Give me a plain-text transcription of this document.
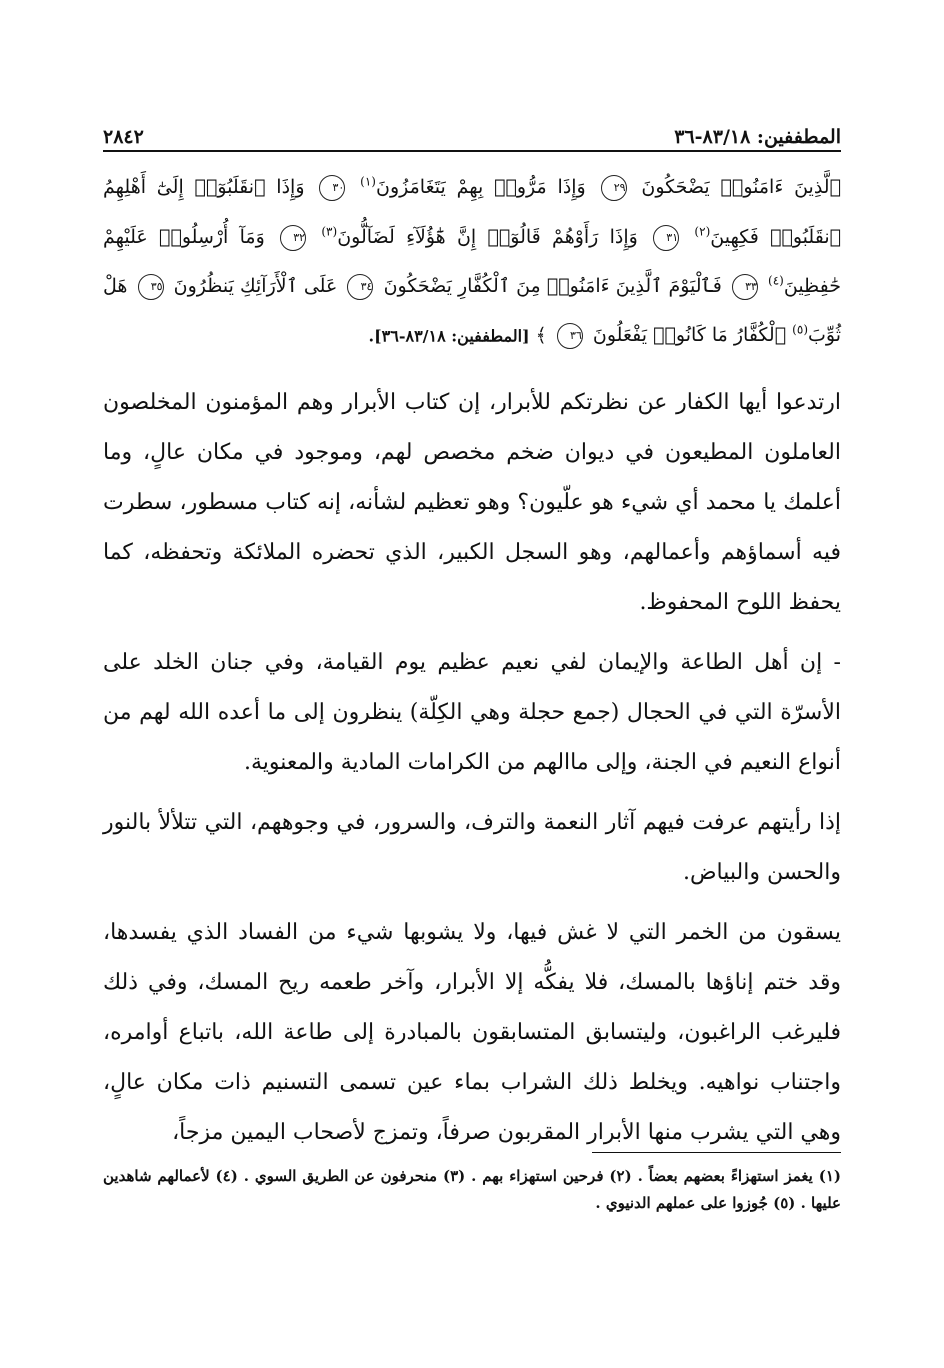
المطففين: ٨٣/١٨-٣٦
٢٨٤٢
ٱلَّذِينَ ءَامَنُوا۟ يَضْحَكُونَ ٢٩ وَإِذَا مَرُّوا۟ بِهِمْ يَتَغَامَزُونَ$^{(١)}$ ٣٠ وَإِذَا ٱنقَلَبُوٓا۟ إِلَىٰٓ أَهْلِهِمُ ٱنقَلَبُوا۟ فَكِهِينَ$^{(٢)}$ ٣١ وَإِذَا رَأَوْهُمْ قَالُوٓا۟ إِنَّ هَٰٓؤُلَآءِ لَضَآلُّونَ$^{(٣)}$ ٣٢ وَمَآ أُرْسِلُوا۟ عَلَيْهِمْ حَٰفِظِينَ$^{(٤)}$ ٣٣ فَٱلْيَوْمَ ٱلَّذِينَ ءَامَنُوا۟ مِنَ ٱلْكُفَّارِ يَضْحَكُونَ ٣٤ عَلَى ٱلْأَرَآئِكِ يَنظُرُونَ ٣٥ هَلْ ثُوِّبَ$^{(٥)}$ ٱلْكُفَّارُ مَا كَانُوا۟ يَفْعَلُونَ ٣٦ ﴾ [المطففين: ٨٣/١٨-٣٦].

ارتدعوا أيها الكفار عن نظرتكم للأبرار، إن كتاب الأبرار وهم المؤمنون المخلصون العاملون المطيعون في ديوان ضخم مخصص لهم، وموجود في مكان عالٍ، وما أعلمك يا محمد أي شيء هو علّيون؟ وهو تعظيم لشأنه، إنه كتاب مسطور، سطرت فيه أسماؤهم وأعمالهم، وهو السجل الكبير، الذي تحضره الملائكة وتحفظه، كما يحفظ اللوح المحفوظ.

- إن أهل الطاعة والإيمان لفي نعيم عظيم يوم القيامة، وفي جنان الخلد على الأسرّة التي في الحجال (جمع حجلة وهي الكِلّة) ينظرون إلى ما أعده الله لهم من أنواع النعيم في الجنة، وإلى ماالهم من الكرامات المادية والمعنوية.

إذا رأيتهم عرفت فيهم آثار النعمة والترف، والسرور، في وجوههم، التي تتلألأ بالنور والحسن والبياض.

يسقون من الخمر التي لا غش فيها، ولا يشوبها شيء من الفساد الذي يفسدها، وقد ختم إناؤها بالمسك، فلا يفكُّه إلا الأبرار، وآخر طعمه ريح المسك، وفي ذلك فليرغب الراغبون، وليتسابق المتسابقون بالمبادرة إلى طاعة الله، باتباع أوامره، واجتناب نواهيه. ويخلط ذلك الشراب بماء عين تسمى التسنيم ذات مكان عالٍ، وهي التي يشرب منها الأبرار المقربون صرفاً، وتمزج لأصحاب اليمين مزجاً،

(١) يغمز استهزاءً بعضهم بعضاً . (٢) فرحين استهزاء بهم . (٣) منحرفون عن الطريق السوي . (٤) لأعمالهم شاهدين عليها . (٥) جُوزوا على عملهم الدنيوي .
